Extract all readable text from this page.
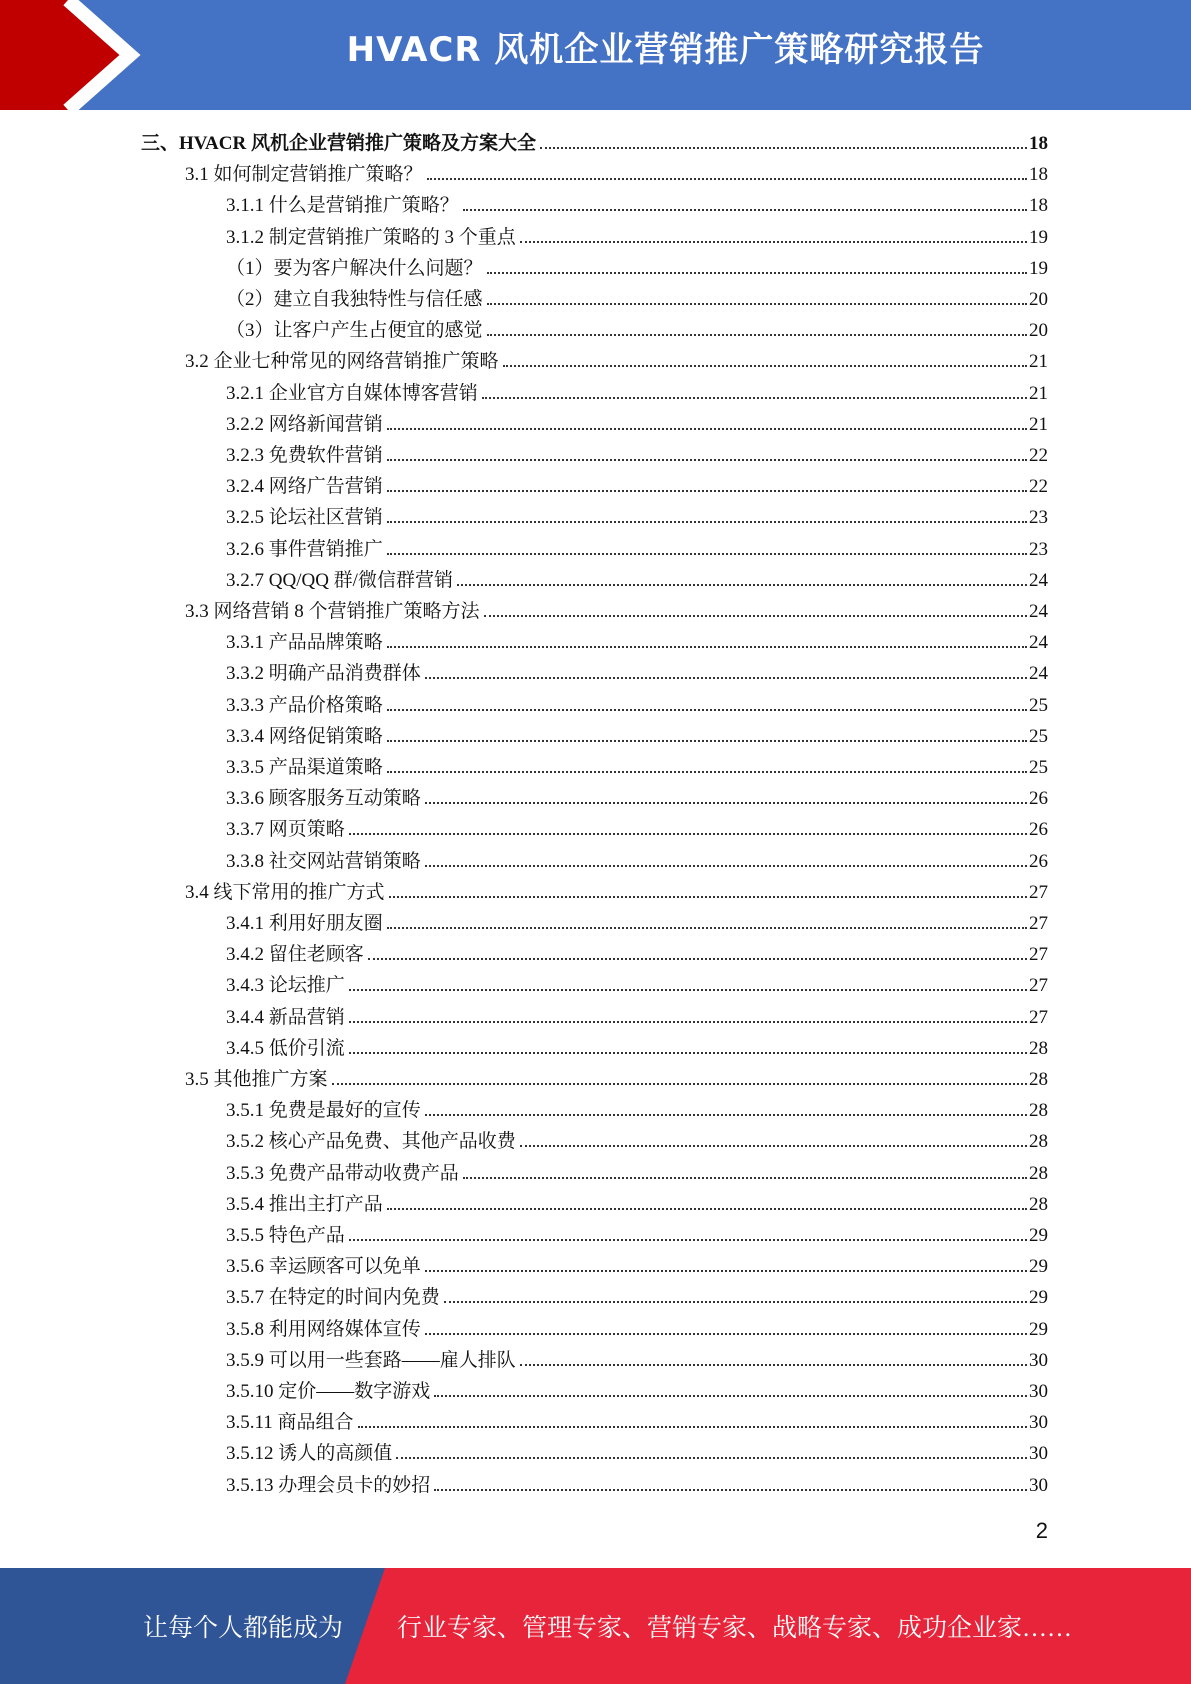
HVACR 风机企业营销推广策略研究报告
三、HVACR 风机企业营销推广策略及方案大全	18
3.1 如何制定营销推广策略？	18
3.1.1 什么是营销推广策略？	18
3.1.2 制定营销推广策略的 3 个重点	19
（1）要为客户解决什么问题？	19
（2）建立自我独特性与信任感	20
（3）让客户产生占便宜的感觉	20
3.2 企业七种常见的网络营销推广策略	21
3.2.1 企业官方自媒体博客营销	21
3.2.2 网络新闻营销	21
3.2.3 免费软件营销	22
3.2.4 网络广告营销	22
3.2.5 论坛社区营销	23
3.2.6 事件营销推广	23
3.2.7 QQ/QQ 群/微信群营销	24
3.3 网络营销 8 个营销推广策略方法	24
3.3.1 产品品牌策略	24
3.3.2 明确产品消费群体	24
3.3.3 产品价格策略	25
3.3.4 网络促销策略	25
3.3.5 产品渠道策略	25
3.3.6 顾客服务互动策略	26
3.3.7 网页策略	26
3.3.8 社交网站营销策略	26
3.4 线下常用的推广方式	27
3.4.1 利用好朋友圈	27
3.4.2 留住老顾客	27
3.4.3 论坛推广	27
3.4.4 新品营销	27
3.4.5 低价引流	28
3.5 其他推广方案	28
3.5.1 免费是最好的宣传	28
3.5.2 核心产品免费、其他产品收费	28
3.5.3 免费产品带动收费产品	28
3.5.4 推出主打产品	28
3.5.5 特色产品	29
3.5.6 幸运顾客可以免单	29
3.5.7 在特定的时间内免费	29
3.5.8 利用网络媒体宣传	29
3.5.9 可以用一些套路——雇人排队	30
3.5.10 定价——数字游戏	30
3.5.11 商品组合	30
3.5.12 诱人的高颜值	30
3.5.13 办理会员卡的妙招	30
2
让每个人都能成为 行业专家、管理专家、营销专家、战略专家、成功企业家……
